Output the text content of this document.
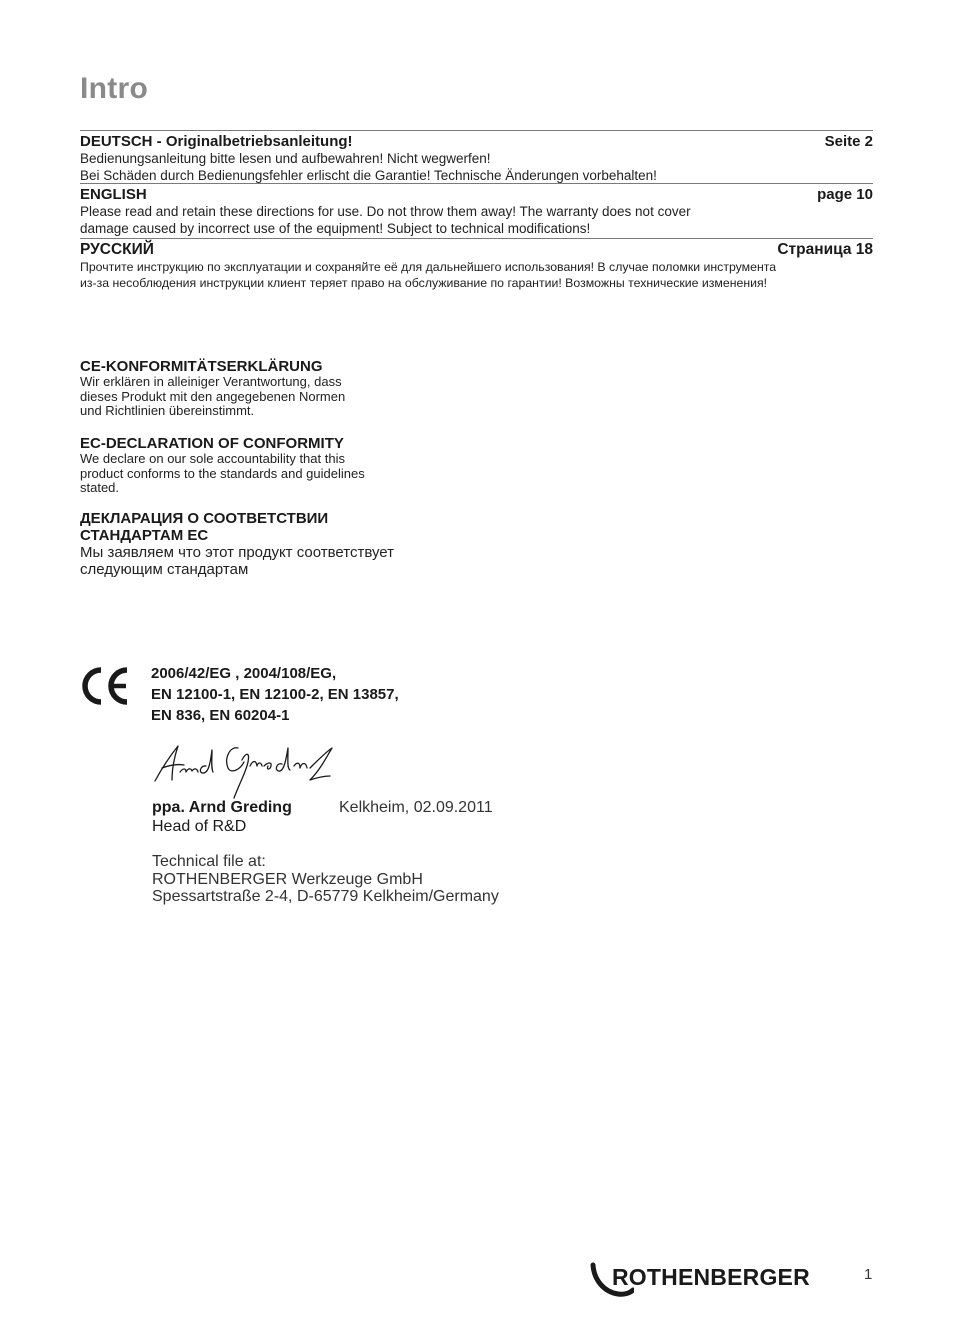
Intro
DEUTSCH - Originalbetriebsanleitung!	Seite 2
Bedienungsanleitung bitte lesen und aufbewahren! Nicht wegwerfen!
Bei Schäden durch Bedienungsfehler erlischt die Garantie! Technische Änderungen vorbehalten!
ENGLISH	page 10
Please read and retain these directions for use. Do not throw them away! The warranty does not cover
damage caused by incorrect use of the equipment! Subject to technical modifications!
РУССКИЙ	Страница 18
Прочтите инструкцию по эксплуатации и сохраняйте её для дальнейшего использования! В случае поломки инструмента
из-за несоблюдения инструкции клиент теряет право на обслуживание по гарантии! Возможны технические изменения!
CE-KONFORMITÄTSERKLÄRUNG
Wir erklären in alleiniger Verantwortung, dass
dieses Produkt mit den angegebenen Normen
und Richtlinien übereinstimmt.
EC-DECLARATION OF CONFORMITY
We declare on our sole accountability that this
product conforms to the standards and guidelines
stated.
ДЕКЛАРАЦИЯ О СООТВЕТСТВИИ
СТАНДАРТАМ ЕС
Мы заявляем что этот продукт соответствует
следующим стандартам
2006/42/EG , 2004/108/EG,
EN 12100-1, EN 12100-2, EN 13857,
EN 836, EN 60204-1
ppa. Arnd Greding
Head of R&D
Kelkheim, 02.09.2011
Technical file at:
ROTHENBERGER Werkzeuge GmbH
Spessartstraße 2-4, D-65779 Kelkheim/Germany
ROTHENBERGER	1
